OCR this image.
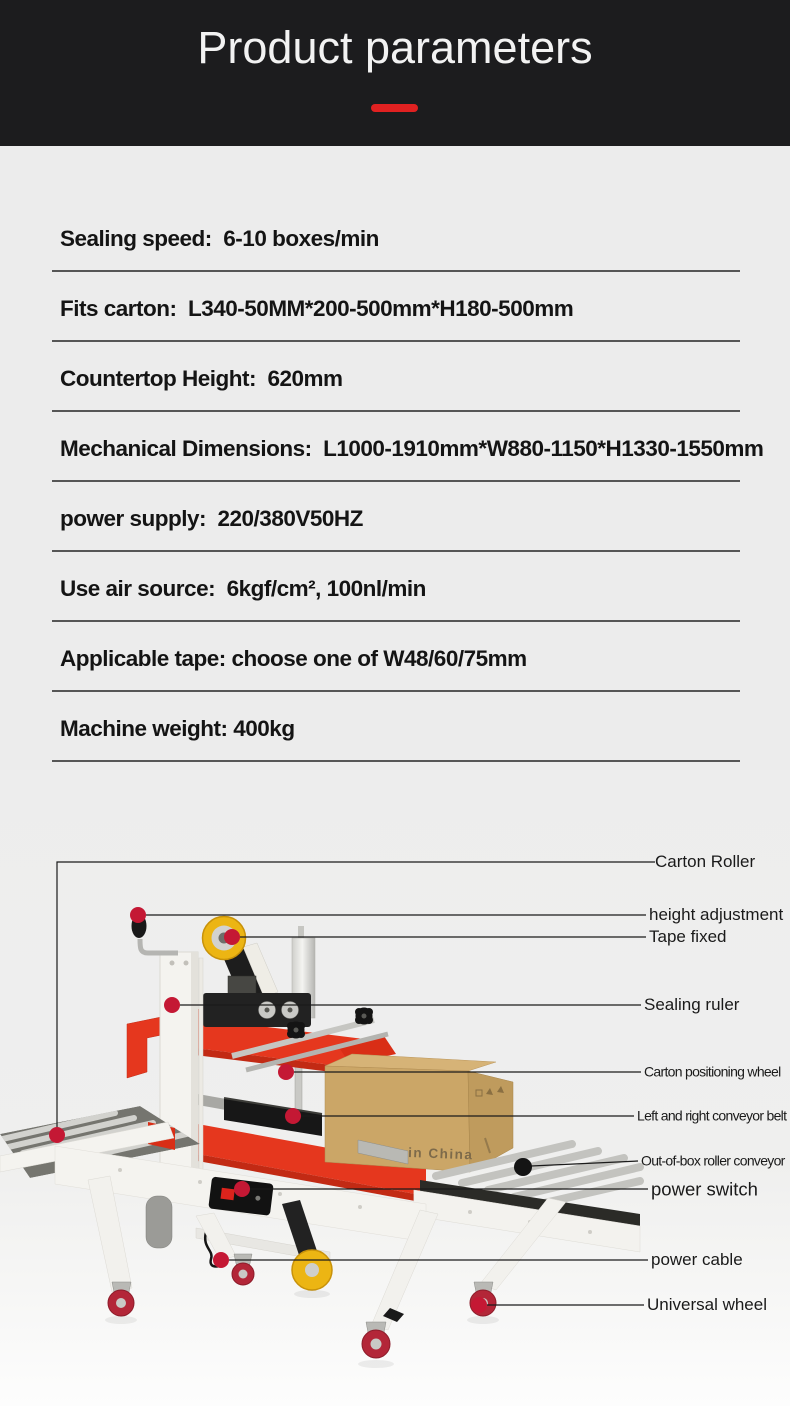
Product parameters
Sealing speed:  6-10 boxes/min
Fits carton:  L340-50MM*200-500mm*H180-500mm
Countertop Height:  620mm
Mechanical Dimensions:  L1000-1910mm*W880-1150*H1330-1550mm
power supply:  220/380V50HZ
Use air source:  6kgf/cm², 100nl/min
Applicable tape: choose one of W48/60/75mm
Machine weight: 400kg
in China
Carton Roller
height adjustment
Tape fixed
Sealing ruler
Carton positioning wheel
Left and right conveyor belt
Out-of-box roller conveyor
power switch
power cable
Universal wheel
